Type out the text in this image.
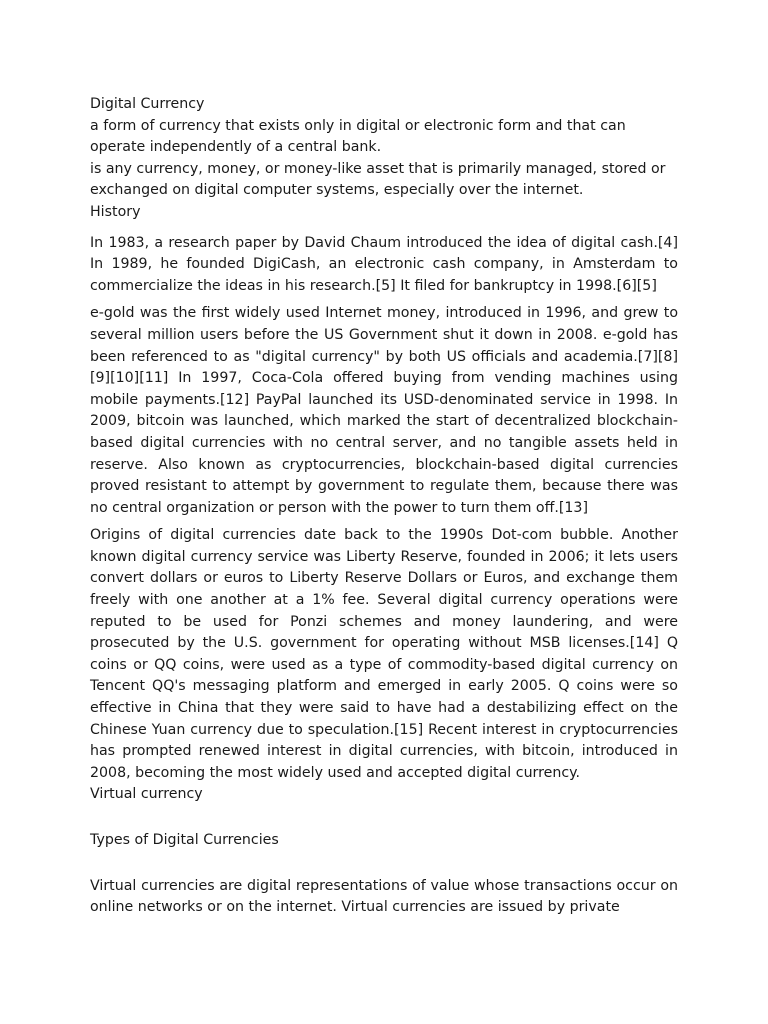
Digital Currency

a form of currency that exists only in digital or electronic form and that can

operate independently of a central bank.

is any currency, money, or money-like asset that is primarily managed, stored or

exchanged on digital computer systems, especially over the internet.

History

In 1983, a research paper by David Chaum introduced the idea of digital cash.[4] In 1989, he founded DigiCash, an electronic cash company, in Amsterdam to commercialize the ideas in his research.[5] It filed for bankruptcy in 1998.[6][5]

e-gold was the first widely used Internet money, introduced in 1996, and grew to several million users before the US Government shut it down in 2008. e-gold has been referenced to as "digital currency" by both US officials and academia.[7][8][9][10][11] In 1997, Coca-Cola offered buying from vending machines using mobile payments.[12] PayPal launched its USD-denominated service in 1998. In 2009, bitcoin was launched, which marked the start of decentralized blockchain-based digital currencies with no central server, and no tangible assets held in reserve. Also known as cryptocurrencies, blockchain-based digital currencies proved resistant to attempt by government to regulate them, because there was no central organization or person with the power to turn them off.[13]

Origins of digital currencies date back to the 1990s Dot-com bubble. Another known digital currency service was Liberty Reserve, founded in 2006; it lets users convert dollars or euros to Liberty Reserve Dollars or Euros, and exchange them freely with one another at a 1% fee. Several digital currency operations were reputed to be used for Ponzi schemes and money laundering, and were prosecuted by the U.S. government for operating without MSB licenses.[14] Q coins or QQ coins, were used as a type of commodity-based digital currency on Tencent QQ's messaging platform and emerged in early 2005. Q coins were so effective in China that they were said to have had a destabilizing effect on the Chinese Yuan currency due to speculation.[15] Recent interest in cryptocurrencies has prompted renewed interest in digital currencies, with bitcoin, introduced in 2008, becoming the most widely used and accepted digital currency.

Virtual currency

Types of Digital Currencies

Virtual currencies are digital representations of value whose transactions occur on online networks or on the internet. Virtual currencies are issued by private
